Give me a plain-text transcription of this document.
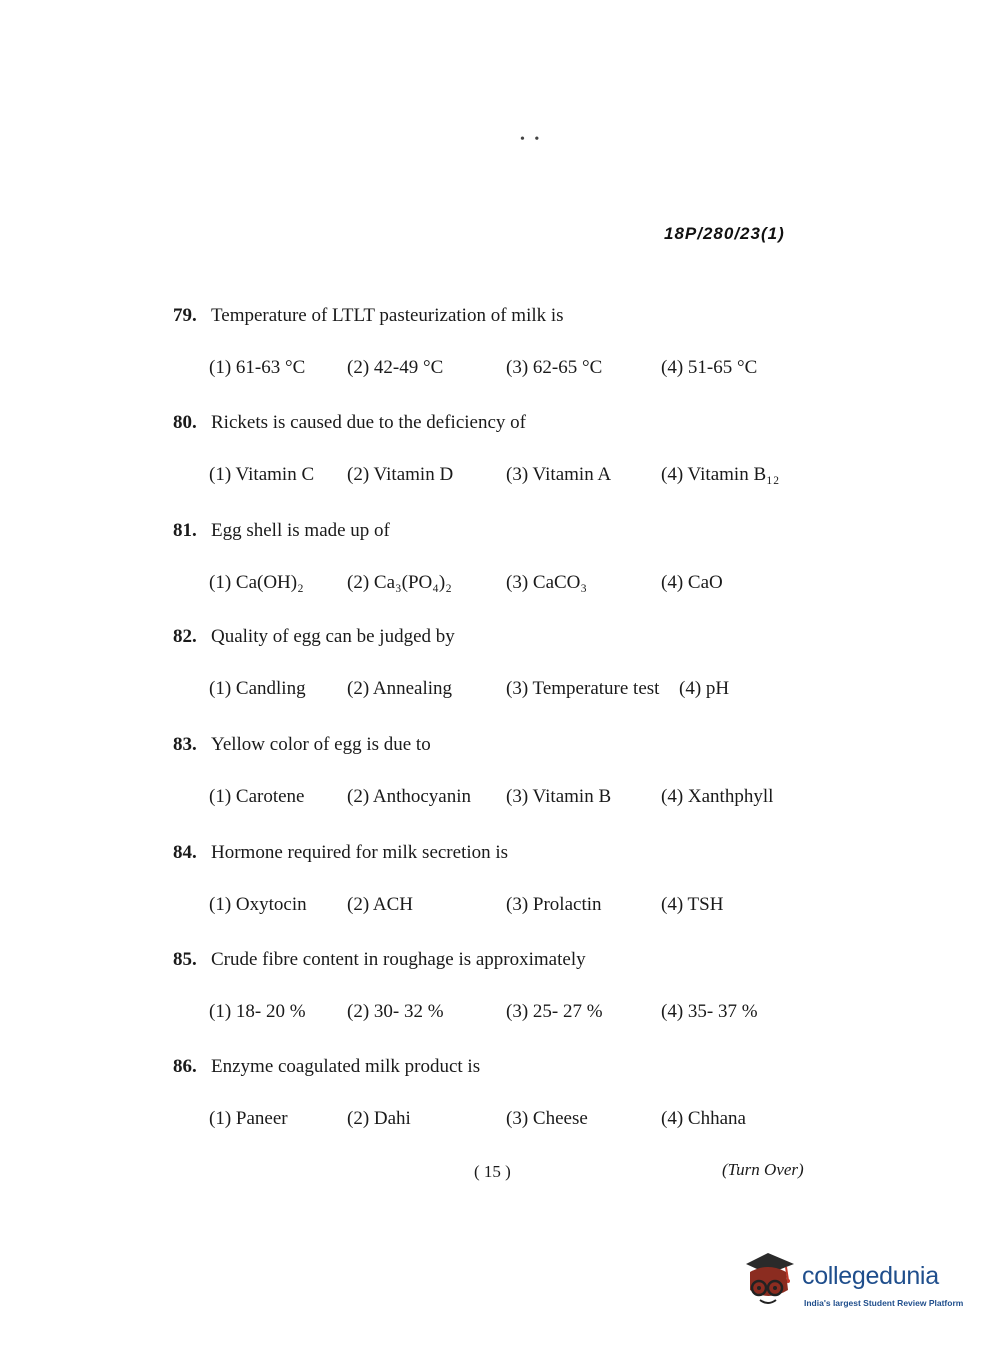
• •
18P/280/23(1)
79. Temperature of LTLT pasteurization of milk is
(1) 61-63 °C (2) 42-49 °C	(3) 62-65 °C	(4) 51-65 °C
80. Rickets is caused due to the deficiency of
(1) Vitamin C (2) Vitamin D	(3) Vitamin A	(4) Vitamin B₁₂
81. Egg shell is made up of
(1) Ca(OH)₂ (2) Ca₃(PO₄)₂	(3) CaCO₃	(4) CaO
82. Quality of egg can be judged by
(1) Candling (2) Annealing	(3) Temperature test (4) pH
83. Yellow color of egg is due to
(1) Carotene (2) Anthocyanin (3) Vitamin B	(4) Xanthphyll
84. Hormone required for milk secretion is
(1) Oxytocin (2) ACH	(3) Prolactin	(4) TSH
85. Crude fibre content in roughage is approximately
(1) 18- 20 % (2) 30- 32 %	(3) 25- 27 %	(4) 35- 37 %
86. Enzyme coagulated milk product is
(1) Paneer	(2) Dahi	(3) Cheese	(4) Chhana
( 15 )	(Turn Over)
collegedunia
India's largest Student Review Platform
